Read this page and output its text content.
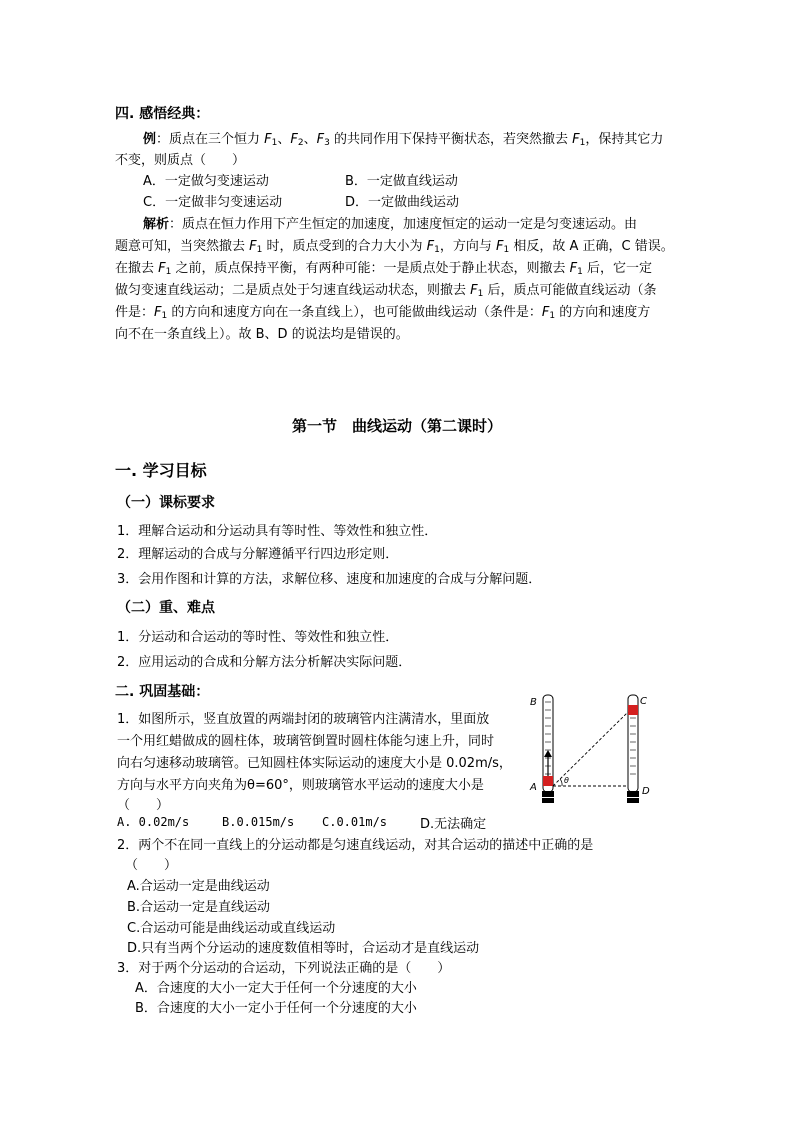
四. 感悟经典：
例：质点在三个恒力 $F_1$、$F_2$、$F_3$ 的共同作用下保持平衡状态，若突然撤去 $F_1$，保持其它力
不变，则质点（　　）
A．一定做匀变速运动	B．一定做直线运动
C．一定做非匀变速运动	D．一定做曲线运动
解析：质点在恒力作用下产生恒定的加速度，加速度恒定的运动一定是匀变速运动。由
题意可知，当突然撤去 $F_1$ 时，质点受到的合力大小为 $F_1$，方向与 $F_1$ 相反，故 A 正确，C 错误。
在撤去 $F_1$ 之前，质点保持平衡，有两种可能：一是质点处于静止状态，则撤去 $F_1$ 后，它一定
做匀变速直线运动；二是质点处于匀速直线运动状态，则撤去 $F_1$ 后，质点可能做直线运动（条
件是：$F_1$ 的方向和速度方向在一条直线上），也可能做曲线运动（条件是：$F_1$ 的方向和速度方
向不在一条直线上）。故 B、D 的说法均是错误的。
第一节　曲线运动（第二课时）
一. 学习目标
（一）课标要求
1．理解合运动和分运动具有等时性、等效性和独立性．
2．理解运动的合成与分解遵循平行四边形定则．
3．会用作图和计算的方法，求解位移、速度和加速度的合成与分解问题．
（二）重、难点
1．分运动和合运动的等时性、等效性和独立性．
2．应用运动的合成和分解方法分析解决实际问题．
二. 巩固基础：
1．如图所示，竖直放置的两端封闭的玻璃管内注满清水，里面放
一个用红蜡做成的圆柱体，玻璃管倒置时圆柱体能匀速上升，同时
向右匀速移动玻璃管。已知圆柱体实际运动的速度大小是 0.02m/s，
方向与水平方向夹角为θ=60°，则玻璃管水平运动的速度大小是
（　　）
A. 0.02m/s	B.0.015m/s C.0.01m/s	D.无法确定
θ
B	C
A	D
2．两个不在同一直线上的分运动都是匀速直线运动，对其合运动的描述中正确的是
（　　）
A.合运动一定是曲线运动
B.合运动一定是直线运动
C.合运动可能是曲线运动或直线运动
D.只有当两个分运动的速度数值相等时，合运动才是直线运动
3．对于两个分运动的合运动，下列说法正确的是（　　）
A．合速度的大小一定大于任何一个分速度的大小
B．合速度的大小一定小于任何一个分速度的大小
